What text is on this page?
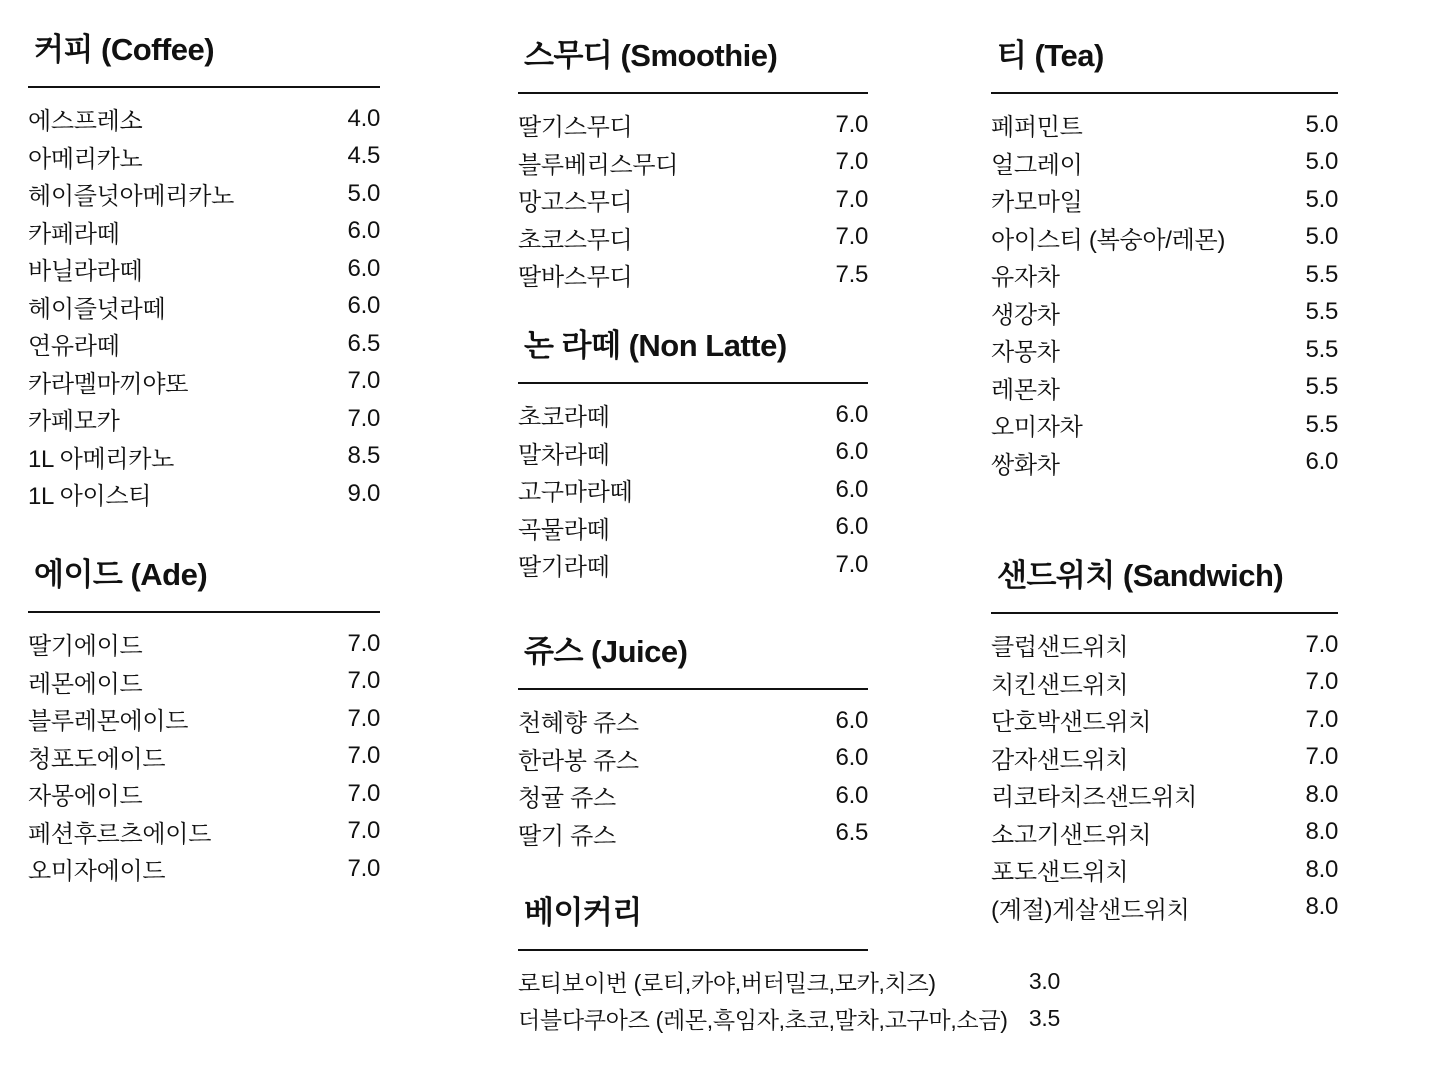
커피 (Coffee)
에스프레소	4.0
아메리카노	4.5
헤이즐넛아메리카노	5.0
카페라떼	6.0
바닐라라떼	6.0
헤이즐넛라떼	6.0
연유라떼	6.5
카라멜마끼야또	7.0
카페모카	7.0
1L 아메리카노	8.5
1L 아이스티	9.0
에이드 (Ade)
딸기에이드	7.0
레몬에이드	7.0
블루레몬에이드	7.0
청포도에이드	7.0
자몽에이드	7.0
페션후르츠에이드	7.0
오미자에이드	7.0
스무디 (Smoothie)
딸기스무디	7.0
블루베리스무디	7.0
망고스무디	7.0
초코스무디	7.0
딸바스무디	7.5
논 라떼 (Non Latte)
초코라떼	6.0
말차라떼	6.0
고구마라떼	6.0
곡물라떼	6.0
딸기라떼	7.0
쥬스 (Juice)
천혜향 쥬스	6.0
한라봉 쥬스	6.0
청귤 쥬스	6.0
딸기 쥬스	6.5
베이커리
로티보이번 (로티,카야,버터밀크,모카,치즈)	3.0
더블다쿠아즈 (레몬,흑임자,초코,말차,고구마,소금) 3.5
티 (Tea)
페퍼민트	5.0
얼그레이	5.0
카모마일	5.0
아이스티 (복숭아/레몬)	5.0
유자차	5.5
생강차	5.5
자몽차	5.5
레몬차	5.5
오미자차	5.5
쌍화차	6.0
샌드위치 (Sandwich)
클럽샌드위치	7.0
치킨샌드위치	7.0
단호박샌드위치	7.0
감자샌드위치	7.0
리코타치즈샌드위치	8.0
소고기샌드위치	8.0
포도샌드위치	8.0
(계절)게살샌드위치	8.0
